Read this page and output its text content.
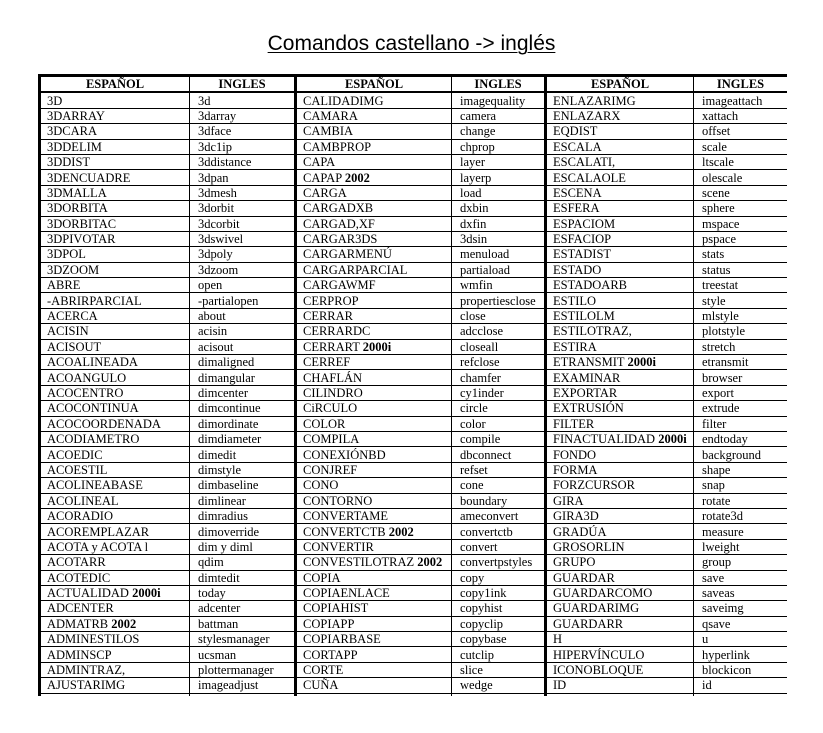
Comandos castellano -> inglés
ESPAÑOL	INGLES	ESPAÑOL	INGLES	ESPAÑOL	INGLES
3D	3d	CALIDADIMG	imagequality	ENLAZARIMG	imageattach
3DARRAY	3darray	CAMARA	camera	ENLAZARX	xattach
3DCARA	3dface	CAMBIA	change	EQDIST	offset
3DDELIM	3dc1ip	CAMBPROP	chprop	ESCALA	scale
3DDIST	3ddistance	CAPA	layer	ESCALATI,	ltscale
3DENCUADRE	3dpan	CAPAP 2002	layerp	ESCALAOLE	olescale
3DMALLA	3dmesh	CARGA	load	ESCENA	scene
3DORBITA	3dorbit	CARGADXB	dxbin	ESFERA	sphere
3DORBITAC	3dcorbit	CARGAD,XF	dxfin	ESPACIOM	mspace
3DPIVOTAR	3dswivel	CARGAR3DS	3dsin	ESFACIOP	pspace
3DPOL	3dpoly	CARGARMENÚ	menuload	ESTADIST	stats
3DZOOM	3dzoom	CARGARPARCIAL	partiaload	ESTADO	status
ABRE	open	CARGAWMF	wmfin	ESTADOARB	treestat
-ABRIRPARCIAL	-partialopen	CERPROP	propertiesclose	ESTILO	style
ACERCA	about	CERRAR	close	ESTILOLM	mlstyle
ACISIN	acisin	CERRARDC	adcclose	ESTILOTRAZ,	plotstyle
ACISOUT	acisout	CERRART 2000i	closeall	ESTIRA	stretch
ACOALINEADA	dimaligned	CERREF	refclose	ETRANSMIT 2000i	etransmit
ACOANGULO	dimangular	CHAFLÁN	chamfer	EXAMINAR	browser
ACOCENTRO	dimcenter	CILINDRO	cy1inder	EXPORTAR	export
ACOCONTINUA	dimcontinue	CiRCULO	circle	EXTRUSIÓN	extrude
ACOCOORDENADA	dimordinate	COLOR	color	FILTER	filter
ACODIAMETRO	dimdiameter	COMPILA	compile	FINACTUALIDAD 2000i	endtoday
ACOEDIC	dimedit	CONEXIÓNBD	dbconnect	FONDO	background
ACOESTIL	dimstyle	CONJREF	refset	FORMA	shape
ACOLINEABASE	dimbaseline	CONO	cone	FORZCURSOR	snap
ACOLINEAL	dimlinear	CONTORNO	boundary	GIRA	rotate
ACORADIO	dimradius	CONVERTAME	ameconvert	GIRA3D	rotate3d
ACOREMPLAZAR	dimoverride	CONVERTCTB 2002	convertctb	GRADÚA	measure
ACOTA y ACOTA l	dim y diml	CONVERTIR	convert	GROSORLIN	lweight
ACOTARR	qdim	CONVESTILOTRAZ 2002	convertpstyles	GRUPO	group
ACOTEDIC	dimtedit	COPIA	copy	GUARDAR	save
ACTUALIDAD 2000i	today	COPIAENLACE	copy1ink	GUARDARCOMO	saveas
ADCENTER	adcenter	COPIAHIST	copyhist	GUARDARIMG	saveimg
ADMATRB 2002	battman	COPIAPP	copyclip	GUARDARR	qsave
ADMINESTILOS	stylesmanager	COPIARBASE	copybase	H	u
ADMINSCP	ucsman	CORTAPP	cutclip	HIPERVÍNCULO	hyperlink
ADMINTRAZ,	plottermanager	CORTE	slice	ICONOBLOQUE	blockicon
AJUSTARIMG	imageadjust	CUÑA	wedge	ID	id
